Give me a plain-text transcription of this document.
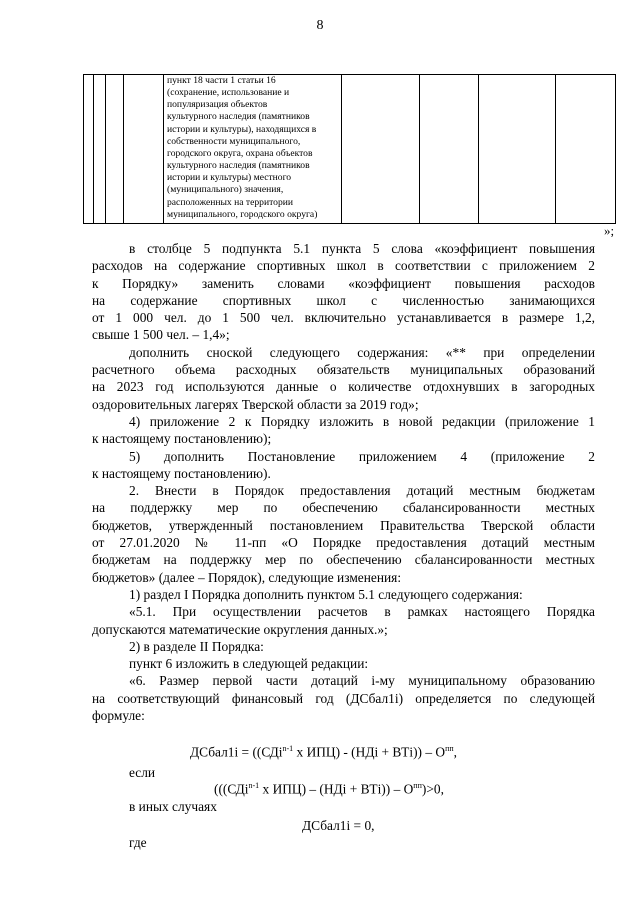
8

пункт 18 части 1 статьи 16
(сохранение, использование и
популяризация объектов
культурного наследия (памятников
истории и культуры), находящихся в
собственности муниципального,
городского округа, охрана объектов
культурного наследия (памятников
истории и культуры) местного
(муниципального) значения,
расположенных на территории
муниципального, городского округа)

»;

в столбце 5 подпункта 5.1 пункта 5 слова «коэффициент повышения

расходов на содержание спортивных школ в соответствии с приложением 2

к Порядку» заменить словами «коэффициент повышения расходов

на содержание спортивных школ с численностью занимающихся

от 1 000 чел. до 1 500 чел. включительно устанавливается в размере 1,2,

свыше 1 500 чел. – 1,4»;

дополнить сноской следующего содержания: «** при определении

расчетного объема расходных обязательств муниципальных образований

на 2023 год используются данные о количестве отдохнувших в загородных

оздоровительных лагерях Тверской области за 2019 год»;

4) приложение 2 к Порядку изложить в новой редакции (приложение 1

к настоящему постановлению);

5) дополнить Постановление приложением 4 (приложение 2

к настоящему постановлению).

2. Внести в Порядок предоставления дотаций местным бюджетам

на поддержку мер по обеспечению сбалансированности местных

бюджетов, утвержденный постановлением Правительства Тверской области

от 27.01.2020 № 11-пп «О Порядке предоставления дотаций местным

бюджетам на поддержку мер по обеспечению сбалансированности местных

бюджетов» (далее – Порядок), следующие изменения:

1) раздел I Порядка дополнить пунктом 5.1 следующего содержания:

«5.1. При осуществлении расчетов в рамках настоящего Порядка

допускаются математические округления данных.»;

2) в разделе II Порядка:

пункт 6 изложить в следующей редакции:

«6. Размер первой части дотаций i-му муниципальному образованию

на соответствующий финансовый год (ДСбал1i) определяется по следующей

формуле:

ДСбал1i = ((СДi$^{n-1}$ х $ИПЦ) - (НДi + ВТi)) - О^{пп}$,
если
(((СДi$^{n-1}$ х $ИПЦ) - (НДi + ВТi)) - О^{пп})>0$,
в иных случаях
ДСбал1i = 0,
где
